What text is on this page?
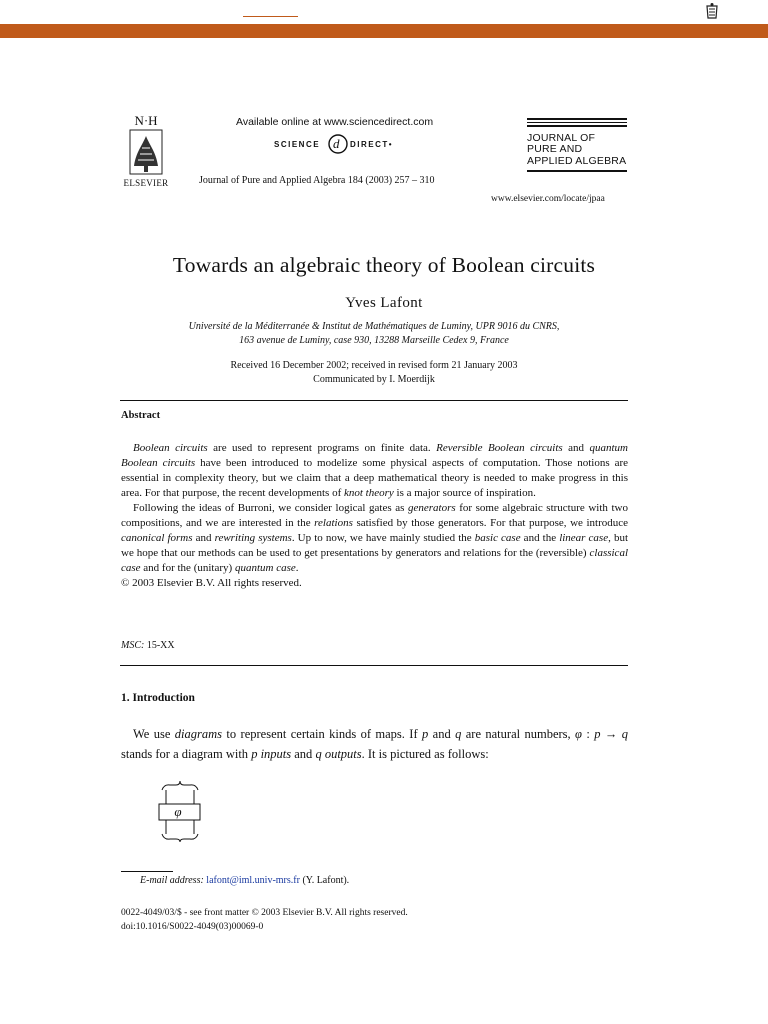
N·H
ELSEVIER
Available online at www.sciencedirect.com
SCIENCE d DIRECT•
Journal of Pure and Applied Algebra 184 (2003) 257 – 310
JOURNAL OF
PURE AND
APPLIED ALGEBRA
www.elsevier.com/locate/jpaa
Towards an algebraic theory of Boolean circuits
Yves Lafont
Université de la Méditerranée & Institut de Mathématiques de Luminy, UPR 9016 du CNRS,
163 avenue de Luminy, case 930, 13288 Marseille Cedex 9, France
Received 16 December 2002; received in revised form 21 January 2003
Communicated by I. Moerdijk
Abstract

Boolean circuits are used to represent programs on finite data. Reversible Boolean circuits and quantum Boolean circuits have been introduced to modelize some physical aspects of computation. Those notions are essential in complexity theory, but we claim that a deep mathematical theory is needed to make progress in this area. For that purpose, the recent developments of knot theory is a major source of inspiration.

Following the ideas of Burroni, we consider logical gates as generators for some algebraic structure with two compositions, and we are interested in the relations satisfied by those generators. For that purpose, we introduce canonical forms and rewriting systems. Up to now, we have mainly studied the basic case and the linear case, but we hope that our methods can be used to get presentations by generators and relations for the (reversible) classical case and for the (unitary) quantum case.

© 2003 Elsevier B.V. All rights reserved.

MSC: 15-XX
1. Introduction

We use diagrams to represent certain kinds of maps. If p and q are natural numbers, φ : p → q stands for a diagram with p inputs and q outputs. It is pictured as follows:

φ
E-mail address: lafont@iml.univ-mrs.fr (Y. Lafont).
0022-4049/03/$ - see front matter © 2003 Elsevier B.V. All rights reserved.
doi:10.1016/S0022-4049(03)00069-0
